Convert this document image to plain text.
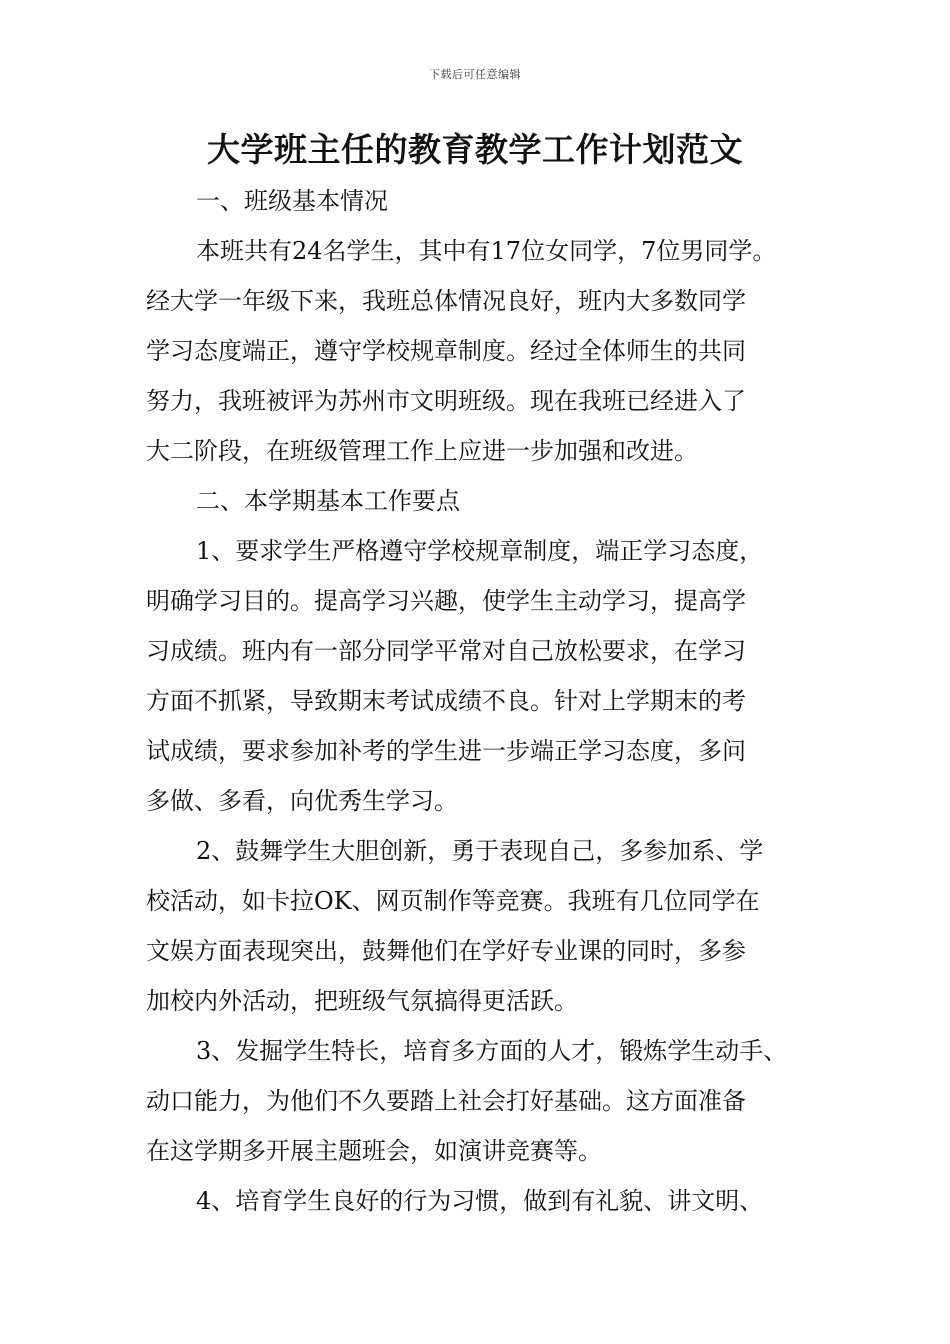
下载后可任意编辑
大学班主任的教育教学工作计划范文
一、班级基本情况
本班共有24名学生，其中有17位女同学，7位男同学。
经大学一年级下来，我班总体情况良好，班内大多数同学
学习态度端正，遵守学校规章制度。经过全体师生的共同
努力，我班被评为苏州市文明班级。现在我班已经进入了
大二阶段，在班级管理工作上应进一步加强和改进。
二、本学期基本工作要点
1、要求学生严格遵守学校规章制度，端正学习态度，
明确学习目的。提高学习兴趣，使学生主动学习，提高学
习成绩。班内有一部分同学平常对自己放松要求，在学习
方面不抓紧，导致期末考试成绩不良。针对上学期末的考
试成绩，要求参加补考的学生进一步端正学习态度，多问
多做、多看，向优秀生学习。
2、鼓舞学生大胆创新，勇于表现自己，多参加系、学
校活动，如卡拉OK、网页制作等竞赛。我班有几位同学在
文娱方面表现突出，鼓舞他们在学好专业课的同时，多参
加校内外活动，把班级气氛搞得更活跃。
3、发掘学生特长，培育多方面的人才，锻炼学生动手、
动口能力，为他们不久要踏上社会打好基础。这方面准备
在这学期多开展主题班会，如演讲竞赛等。
4、培育学生良好的行为习惯，做到有礼貌、讲文明、
